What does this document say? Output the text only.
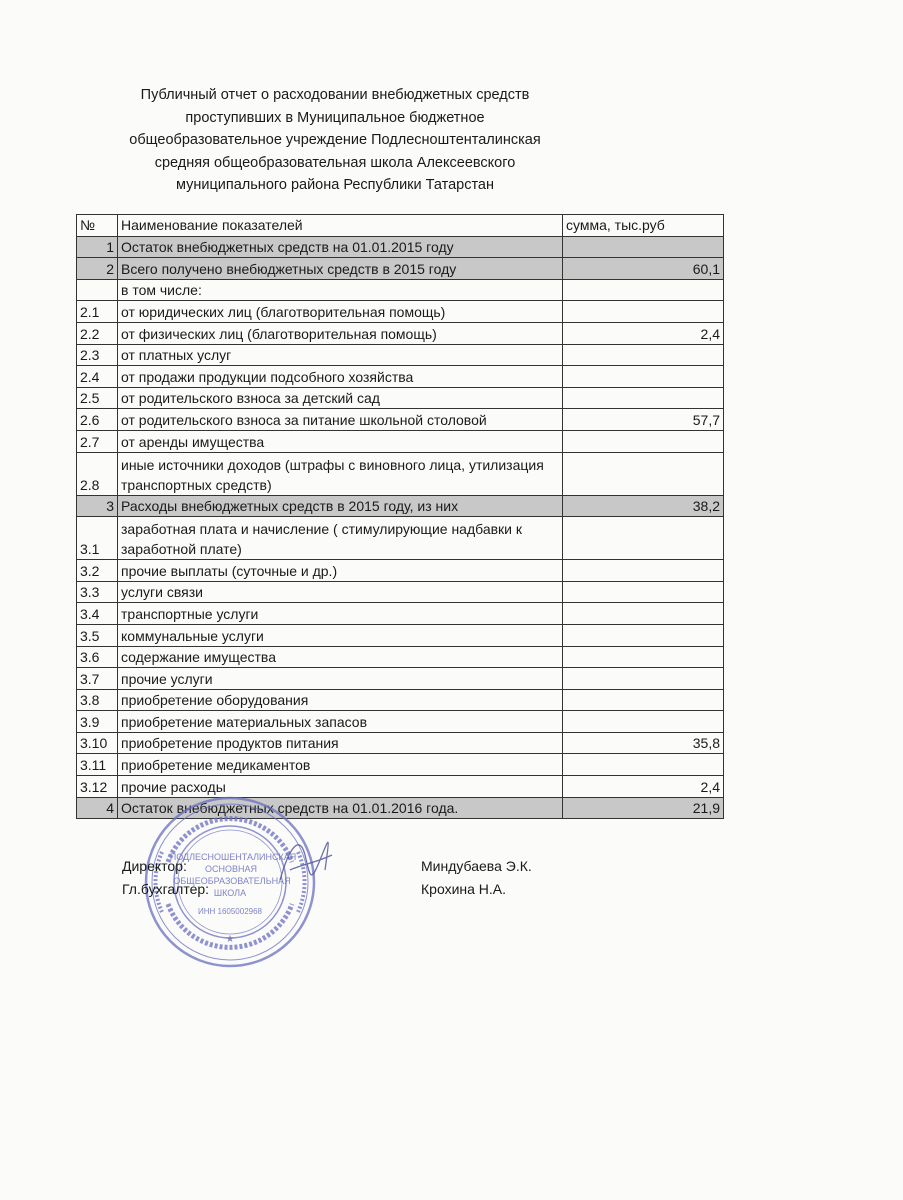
Публичный отчет о расходовании внебюджетных средств
проступивших в Муниципальное бюджетное
общеобразовательное учреждение Подлесноштенталинская
средняя общеобразовательная школа Алексеевского
муниципального района Республики Татарстан
№	Наименование показателей	сумма, тыс.руб
1	Остаток внебюджетных средств на 01.01.2015 году	
2	Всего получено внебюджетных средств в 2015 году	60,1
	в том числе:	
2.1	от юридических лиц (благотворительная помощь)	
2.2	от физических лиц (благотворительная помощь)	2,4
2.3	от платных услуг	
2.4	от продажи продукции подсобного хозяйства	
2.5	от родительского взноса за детский сад	
2.6	от родительского взноса за питание школьной столовой	57,7
2.7	от аренды имущества	
2.8	иные источники доходов (штрафы с виновного лица, утилизация транспортных средств)	
3	Расходы внебюджетных средств в 2015 году, из них	38,2
3.1	заработная плата и начисление ( стимулирующие надбавки к заработной плате)	
3.2	прочие выплаты (суточные и др.)	
3.3	услуги связи	
3.4	транспортные услуги	
3.5	коммунальные услуги	
3.6	содержание имущества	
3.7	прочие услуги	
3.8	приобретение оборудования	
3.9	приобретение материальных запасов	
3.10	приобретение продуктов питания	35,8
3.11	приобретение медикаментов	
3.12	прочие расходы	2,4
4	Остаток внебюджетных средств на 01.01.2016 года.	21,9
ПОДЛЕСНОШЕНТАЛИНСКАЯ
ОСНОВНАЯ
ОБЩЕОБРАЗОВАТЕЛЬНАЯ
ШКОЛА
ИНН 1605002968
★
Директор:	Миндубаева Э.К.
Гл.бухгалтер:	Крохина Н.А.
